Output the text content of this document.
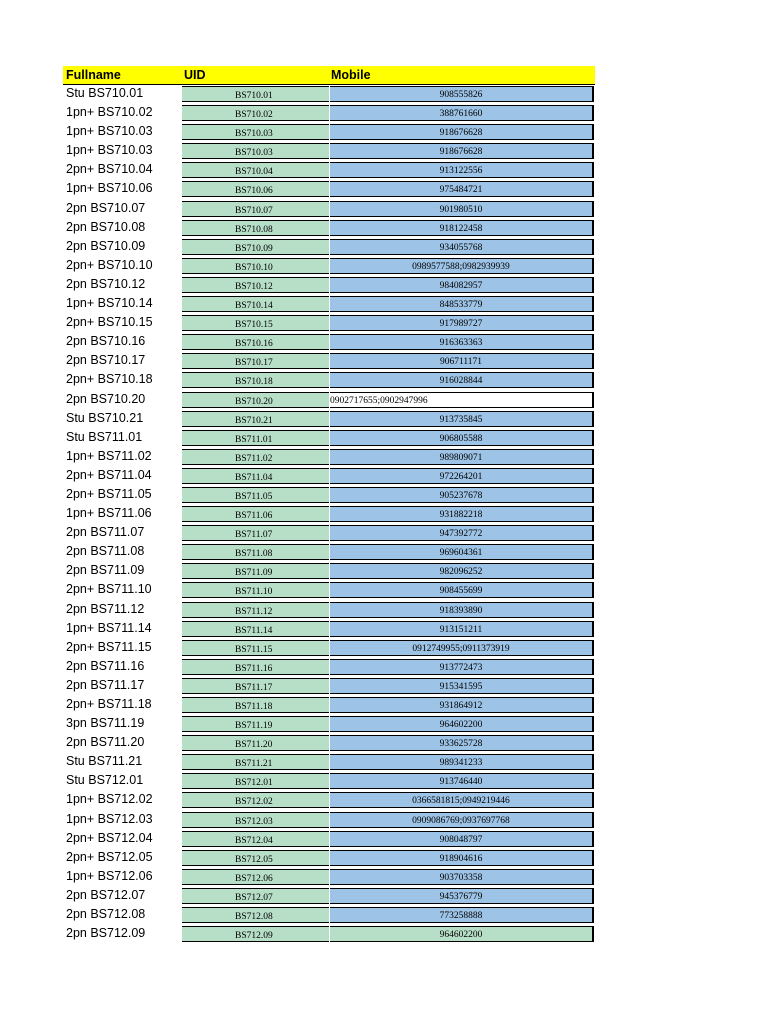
Fullname	UID	Mobile
Stu BS710.01	BS710.01	908555826
1pn+ BS710.02	BS710.02	388761660
1pn+ BS710.03	BS710.03	918676628
1pn+ BS710.03	BS710.03	918676628
2pn+ BS710.04	BS710.04	913122556
1pn+ BS710.06	BS710.06	975484721
2pn BS710.07	BS710.07	901980510
2pn BS710.08	BS710.08	918122458
2pn BS710.09	BS710.09	934055768
2pn+ BS710.10	BS710.10	0989577588;0982939939
2pn BS710.12	BS710.12	984082957
1pn+ BS710.14	BS710.14	848533779
2pn+ BS710.15	BS710.15	917989727
2pn BS710.16	BS710.16	916363363
2pn BS710.17	BS710.17	906711171
2pn+ BS710.18	BS710.18	916028844
2pn BS710.20	BS710.20	0902717655;0902947996
Stu BS710.21	BS710.21	913735845
Stu BS711.01	BS711.01	906805588
1pn+ BS711.02	BS711.02	989809071
2pn+ BS711.04	BS711.04	972264201
2pn+ BS711.05	BS711.05	905237678
1pn+ BS711.06	BS711.06	931882218
2pn BS711.07	BS711.07	947392772
2pn BS711.08	BS711.08	969604361
2pn BS711.09	BS711.09	982096252
2pn+ BS711.10	BS711.10	908455699
2pn BS711.12	BS711.12	918393890
1pn+ BS711.14	BS711.14	913151211
2pn+ BS711.15	BS711.15	0912749955;0911373919
2pn BS711.16	BS711.16	913772473
2pn BS711.17	BS711.17	915341595
2pn+ BS711.18	BS711.18	931864912
3pn BS711.19	BS711.19	964602200
2pn BS711.20	BS711.20	933625728
Stu BS711.21	BS711.21	989341233
Stu BS712.01	BS712.01	913746440
1pn+ BS712.02	BS712.02	0366581815;0949219446
1pn+ BS712.03	BS712.03	0909086769;0937697768
2pn+ BS712.04	BS712.04	908048797
2pn+ BS712.05	BS712.05	918904616
1pn+ BS712.06	BS712.06	903703358
2pn BS712.07	BS712.07	945376779
2pn BS712.08	BS712.08	773258888
2pn BS712.09	BS712.09	964602200
